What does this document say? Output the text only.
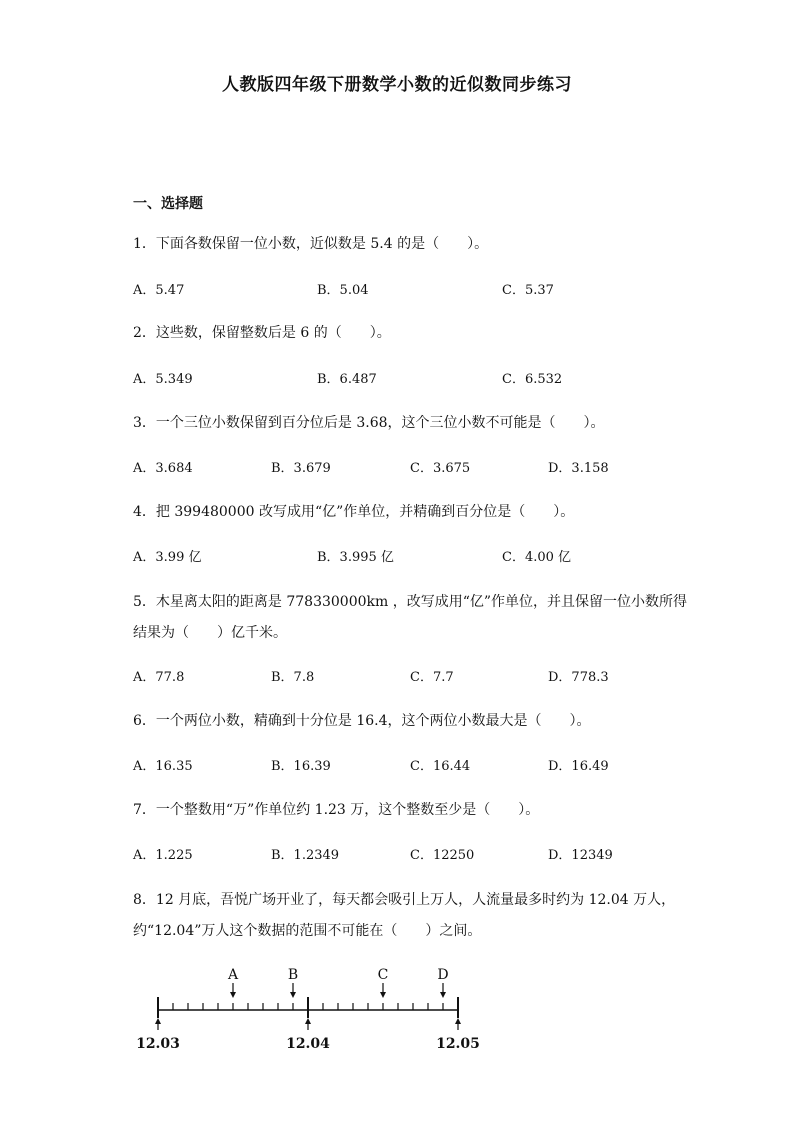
人教版四年级下册数学小数的近似数同步练习
一、选择题
1．下面各数保留一位小数，近似数是 5.4 的是（　　）。
A．5.47	B．5.04	C．5.37
2．这些数，保留整数后是 6 的（　　）。
A．5.349	B．6.487	C．6.532
3．一个三位小数保留到百分位后是 3.68，这个三位小数不可能是（　　）。
A．3.684	B．3.679	C．3.675	D．3.158
4．把 399480000 改写成用“亿”作单位，并精确到百分位是（　　）。
A．3.99 亿	B．3.995 亿	C．4.00 亿
5．木星离太阳的距离是 778330000km ，改写成用“亿”作单位，并且保留一位小数所得
结果为（　　）亿千米。
A．77.8	B．7.8	C．7.7	D．778.3
6．一个两位小数，精确到十分位是 16.4，这个两位小数最大是（　　）。
A．16.35	B．16.39	C．16.44	D．16.49
7．一个整数用“万”作单位约 1.23 万，这个整数至少是（　　）。
A．1.225	B．1.2349	C．12250	D．12349
8．12 月底，吾悦广场开业了，每天都会吸引上万人，人流量最多时约为 12.04 万人，
约“12.04”万人这个数据的范围不可能在（　　）之间。
12.03	12.04	12.05
A	B	C	D
